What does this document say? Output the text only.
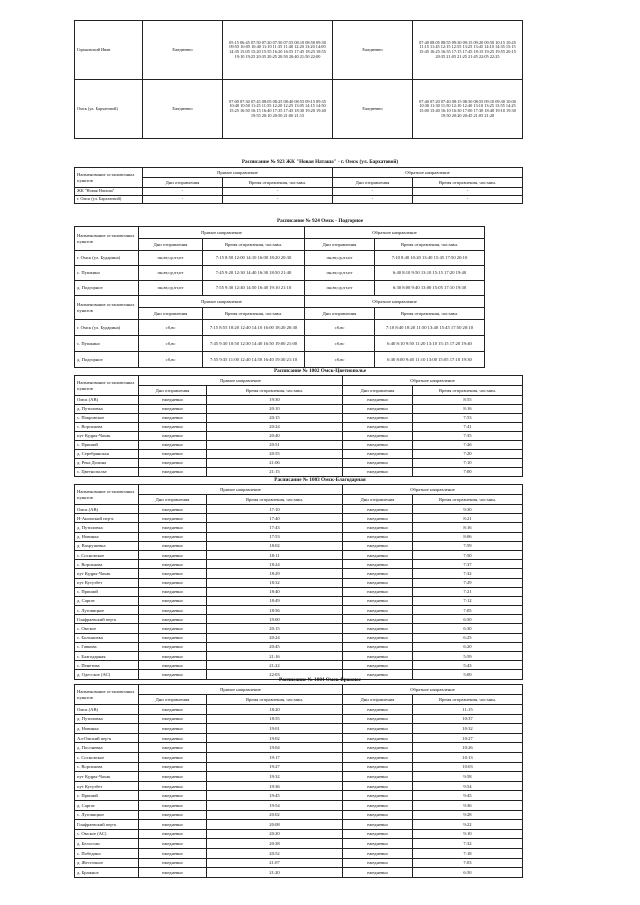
Горьковский Иван	Ежедневно	05:15 06:45 07:50 07:20 07:50 07:55 08:10 08:50 09:30 09:55 10:05 10:40 11:10 11:35 11:40 12:20 13:20 14:00 14:35 15:05 15:20 15:55 16:20 16:55 17:45 18:25 18:55 19:10 19:25 20:35 20:25 20:50 20:40 21:50 22:00	Ежедневно	07:40 08:05 08:55 09:30 09:15 09:20 09:50 10:15 10:45 11:15 11:45 12:15 12:55 13:25 13:45 14:10 14:35 15:15 15:45 16:25 16:55 17:15 17:45 18:15 19:25 19:55 20:15 20:35 21:05 21:25 21:45 22:05 22:25
Омск (ул. Бархатовой)	Ежедневно	07:00 07:30 07:45 08:05 08:25 08:40 08:55 09:15 09:35 10:40 10:50 11:25 11:55 12:20 12:25 13:05 14:15 14:50 15:25 16:50 16:15 16:40 17:35 17:45 18:30 19:20 19:40 19:55 20:10 20:50 21:00 21:15	Ежедневно	07:40 07:20 07:40 08:15 08:30 08:55 09:10 09:30 10:00 10:30 11:30 11:50 12:10 12:40 13:10 13:25 13:55 14:25 15:00 15:40 16:10 16:30 17:00 17:30 18:40 19:10 19:30 19:50 20:20 20:45 21:05 21:20
Расписание № 923 ЖК "Новая Наташа" - г. Омск (ул. Бархатовой)
Наименование остановочных пунктов	Прямое направление		Обратное направление	
	Дни отправления	Время отправления, час:мин.	Дни отправления	Время отправления, час:мин.
ЖК "Новая Наташа"	-	-	-	-
г. Омск (ул. Бархатовой)	-	-	-	-
Расписание № 924 Омск - Подгорное
Наименование остановочных пунктов	Прямое направление		Обратное направление	
	Дни отправления	Время отправления, час:мин.	Дни отправления	Время отправления, час:мин.
г. Омск (ул. Бударина)	пн,вт,ср,чт,пт	7:15 8:50 12:00 14:10 16:00 18:20 20:30	пн,вт,ср,чт,пт	7:10 8:40 10:20 13:40 15:45 17:50 20:10
с. Пушкино	пн,вт,ср,чт,пт	7:45 9:20 12:30 14:40 16:30 18:50 21:40	пн,вт,ср,чт,пт	6:40 8:10 9:50 13:10 15:15 17:20 19:40
д. Подгорное	пн,вт,ср,чт,пт	7:55 9:30 12:40 14:50 16:40 19:10 21:10	пн,вт,ср,чт,пт	6:30 8:00 9:40 13:00 15:05 17:10 19:30
Наименование остановочных пунктов	Прямое направление		Обратное направление	
	Дни отправления	Время отправления, час:мин.	Дни отправления	Время отправления, час:мин.
г. Омск (ул. Бударина)	сб,вс	7:15 8:55 10:20 12:40 14:10 16:00 18:20 20:30	сб,вс	7:10 8:40 10:20 11:50 13:40 15:45 17:50 20:10
с. Пушкино	сб,вс	7:45 9:30 10:50 12:30 14:40 16:50 19:00 21:00	сб,вс	6:40 8:10 9:50 11:20 13:10 15:15 17:20 19:40
д. Подгорное	сб,вс	7:55 9:35 11:00 12:40 14:50 16:40 19:30 21:10	сб,вс	6:30 8:00 9:40 11:10 13:00 15:05 17:10 19:30
Расписание № 1002 Омск-Цветнополье
Наименование остановочных пунктов	Прямое направление		Обратное направление	
	Дни отправления	Время отправления, час:мин.	Дни отправления	Время отправления, час:мин.
Омск (АВ)	ежедневно	19:30	ежедневно	8:55
д. Путиловка	ежедневно	20:10	ежедневно	8:16
с. Покровское	ежедневно	20:15	ежедневно	7:53
с. Ворсинова	ежедневно	20:24	ежедневно	7:41
пут Кудры-Чахак	ежедневно	20:40	ежедневно	7:35
с. Приший	ежедневно	20:51	ежедневно	7:26
д. Серебрянская	ежедневно	20:55	ежедневно	7:20
д. Река Долина	ежедневно	21:06	ежедневно	7:10
с. Цветнополье	ежедневно	21:15	ежедневно	7:00
Расписание № 1003 Омск-Благодарная
Наименование остановочных пунктов	Прямое направление		Обратное направление	
	Дни отправления	Время отправления, час:мин.	Дни отправления	Время отправления, час:мин.
Омск (АВ)	ежедневно	17:10	ежедневно	9:30
Н-Аномский пер-к	ежедневно	17:40	ежедневно	8:21
д. Путиловка	ежедневно	17:43	ежедневно	8:16
д. Новинка	ежедневно	17:53	ежедневно	8:06
д. Вахрушевка	ежедневно	18:02	ежедневно	7:59
с. Сосновское	ежедневно	18:11	ежедневно	7:50
с. Ворсинова	ежедневно	18:24	ежедневно	7:37
пут Кудры-Чахак	ежедневно	18:29	ежедневно	7:32
пут Кутузбет	ежедневно	18:32	ежедневно	7:29
с. Приший	ежедневно	18:40	ежедневно	7:21
д. Саргат	ежедневно	18:49	ежедневно	7:12
с. Луговицкое	ежедневно	18:56	ежедневно	7:05
Гонфраевский пер-к	ежедневно	19:00	ежедневно	6:50
с. Омское	ежедневно	20:15	ежедневно	6:30
с. Большовка	ежедневно	20:24	ежедневно	6:25
с. Гавкова	ежедневно	20:45	ежедневно	6:20
с. Благодарная	ежедневно	21:16	ежедневно	5:59
с. Пенетова	ежедневно	21:22	ежедневно	5:43
д. Одесское (АС)	ежедневно	22:03	ежедневно	5:00
Расписание № 1004 Омск-Бражное
Наименование остановочных пунктов	Прямое направление		Обратное направление	
	Дни отправления	Время отправления, час:мин.	Дни отправления	Время отправления, час:мин.
Омск (АВ)	ежедневно	18:20	ежедневно	11:15
д. Путиловка	ежедневно	18:55	ежедневно	10:37
д. Новинка	ежедневно	19:01	ежедневно	10:32
Ал-Омский пер-к	ежедневно	19:02	ежедневно	10:27
д. Посоневка	ежедневно	19:04	ежедневно	10:26
с. Сосновское	ежедневно	19:17	ежедневно	10:13
с. Ворсинова	ежедневно	19:27	ежедневно	10:03
пут Кудры-Чахак	ежедневно	19:32	ежедневно	9:58
пут Кутузбет	ежедневно	19:36	ежедневно	9:54
с. Приший	ежедневно	19:45	ежедневно	9:45
д. Саргат	ежедневно	19:54	ежедневно	9:36
с. Луговицкое	ежедневно	20:02	ежедневно	9:28
Гонфраевский пер-к	ежедневно	20:08	ежедневно	9:22
с. Омское (АС)	ежедневно	20:20	ежедневно	9:10
д. Белостан	ежедневно	20:38	ежедневно	7:32
с. Победино	ежедневно	20:52	ежедневно	7:18
д. Жесточное	ежедневно	21:07	ежедневно	7:03
д. Бражное	ежедневно	21:20	ежедневно	6:50
